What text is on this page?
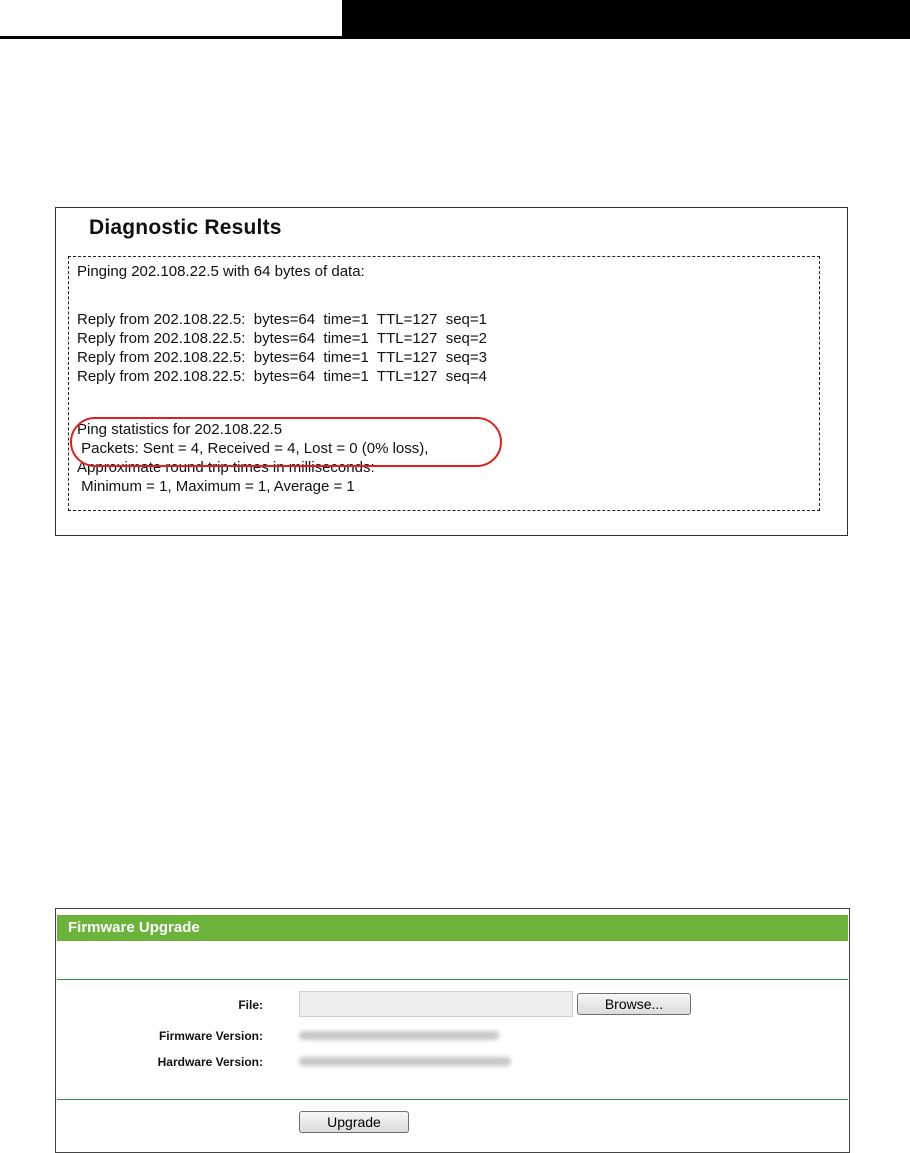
Diagnostic Results
Pinging 202.108.22.5 with 64 bytes of data:
Reply from 202.108.22.5:  bytes=64  time=1  TTL=127  seq=1
Reply from 202.108.22.5:  bytes=64  time=1  TTL=127  seq=2
Reply from 202.108.22.5:  bytes=64  time=1  TTL=127  seq=3
Reply from 202.108.22.5:  bytes=64  time=1  TTL=127  seq=4
Ping statistics for 202.108.22.5
Packets: Sent = 4, Received = 4, Lost = 0 (0% loss),
Approximate round trip times in milliseconds:
Minimum = 1, Maximum = 1, Average = 1
Firmware Upgrade
File:	Browse...
Firmware Version:
Hardware Version:
Upgrade
